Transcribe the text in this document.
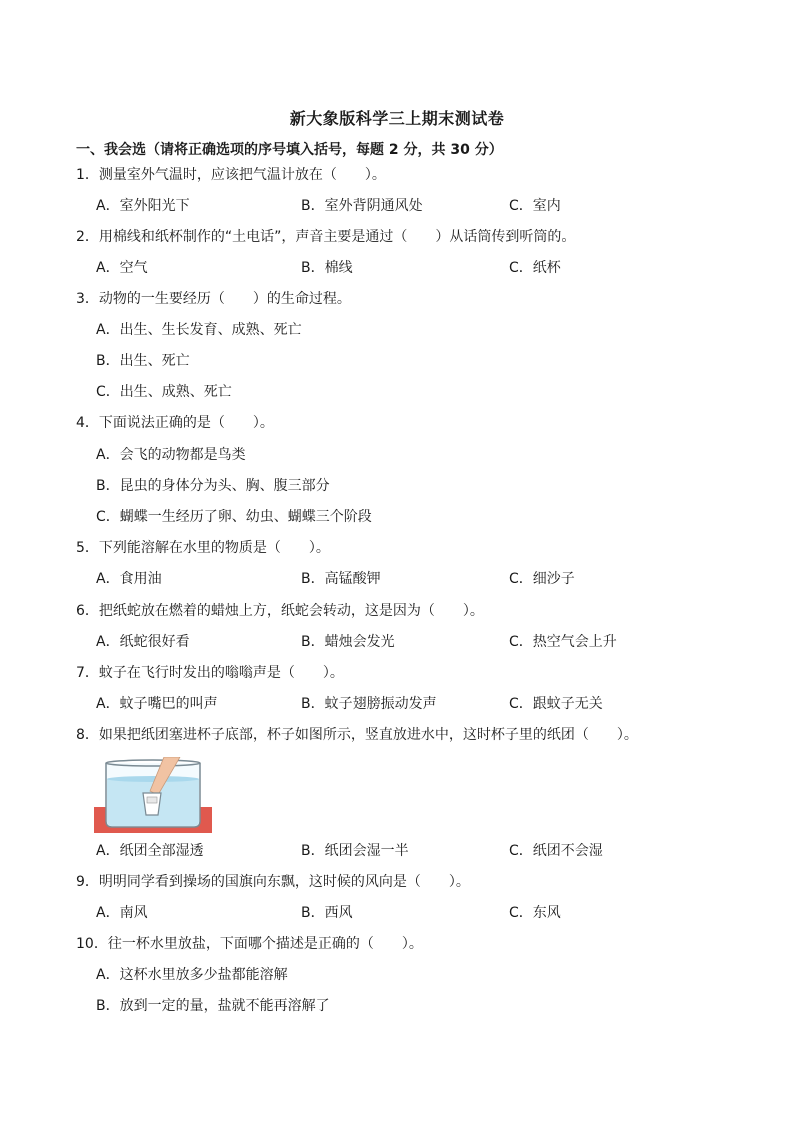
新大象版科学三上期末测试卷
一、我会选（请将正确选项的序号填入括号，每题 2 分，共 30 分）
1．测量室外气温时，应该把气温计放在（　　）。
A．室外阳光下	B．室外背阴通风处	C．室内
2．用棉线和纸杯制作的“土电话”，声音主要是通过（　　）从话筒传到听筒的。
A．空气	B．棉线	C．纸杯
3．动物的一生要经历（　　）的生命过程。
A．出生、生长发育、成熟、死亡
B．出生、死亡
C．出生、成熟、死亡
4．下面说法正确的是（　　）。
A．会飞的动物都是鸟类
B．昆虫的身体分为头、胸、腹三部分
C．蝴蝶一生经历了卵、幼虫、蝴蝶三个阶段
5．下列能溶解在水里的物质是（　　）。
A．食用油	B．高锰酸钾	C．细沙子
6．把纸蛇放在燃着的蜡烛上方，纸蛇会转动，这是因为（　　）。
A．纸蛇很好看	B．蜡烛会发光	C．热空气会上升
7．蚊子在飞行时发出的嗡嗡声是（　　）。
A．蚊子嘴巴的叫声	B．蚊子翅膀振动发声	C．跟蚊子无关
8．如果把纸团塞进杯子底部，杯子如图所示，竖直放进水中，这时杯子里的纸团（　　）。
A．纸团全部湿透	B．纸团会湿一半	C．纸团不会湿
9．明明同学看到操场的国旗向东飘，这时候的风向是（　　）。
A．南风	B．西风	C．东风
10．往一杯水里放盐，下面哪个描述是正确的（　　）。
A．这杯水里放多少盐都能溶解
B．放到一定的量，盐就不能再溶解了
